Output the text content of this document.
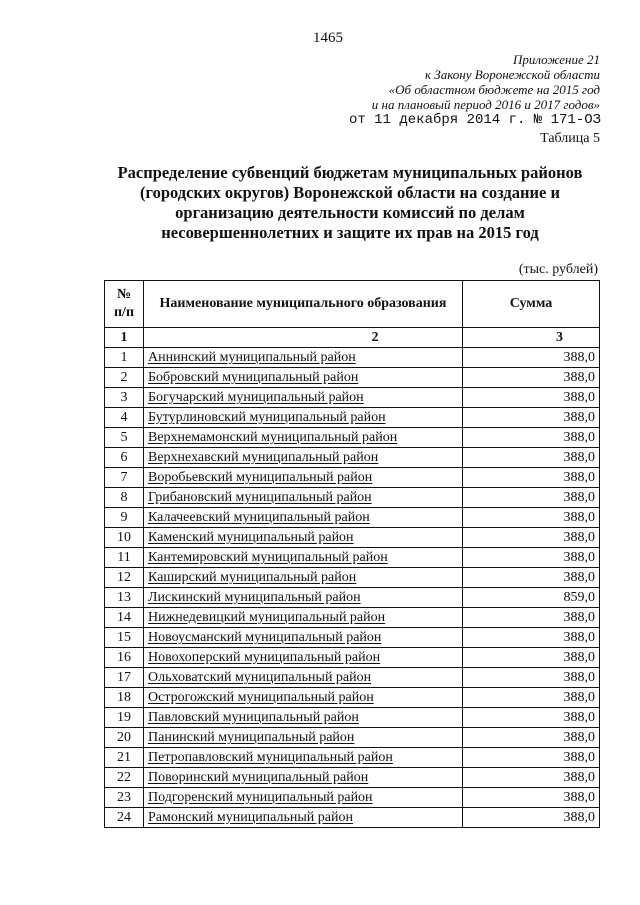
1465
Приложение 21
к Закону Воронежской области
«Об областном бюджете на 2015 год
и на плановый период 2016 и 2017 годов»
от 11 декабря 2014 г. № 171-ОЗ
Таблица 5
Распределение субвенций бюджетам муниципальных районов (городских округов) Воронежской области на создание и организацию деятельности комиссий по делам несовершеннолетних и защите их прав на 2015 год
(тыс. рублей)
№
п/п	Наименование муниципального образования	Сумма
1	2	3
1	Аннинский муниципальный район	388,0
2	Бобровский муниципальный район	388,0
3	Богучарский муниципальный район	388,0
4	Бутурлиновский муниципальный район	388,0
5	Верхнемамонский муниципальный район	388,0
6	Верхнехавский муниципальный район	388,0
7	Воробьевский муниципальный район	388,0
8	Грибановский муниципальный район	388,0
9	Калачеевский муниципальный район	388,0
10	Каменский муниципальный район	388,0
11	Кантемировский муниципальный район	388,0
12	Каширский муниципальный район	388,0
13	Лискинский муниципальный район	859,0
14	Нижнедевицкий муниципальный район	388,0
15	Новоусманский муниципальный район	388,0
16	Новохоперский муниципальный район	388,0
17	Ольховатский муниципальный район	388,0
18	Острогожский муниципальный район	388,0
19	Павловский муниципальный район	388,0
20	Панинский муниципальный район	388,0
21	Петропавловский муниципальный район	388,0
22	Поворинский муниципальный район	388,0
23	Подгоренский муниципальный район	388,0
24	Рамонский муниципальный район	388,0
